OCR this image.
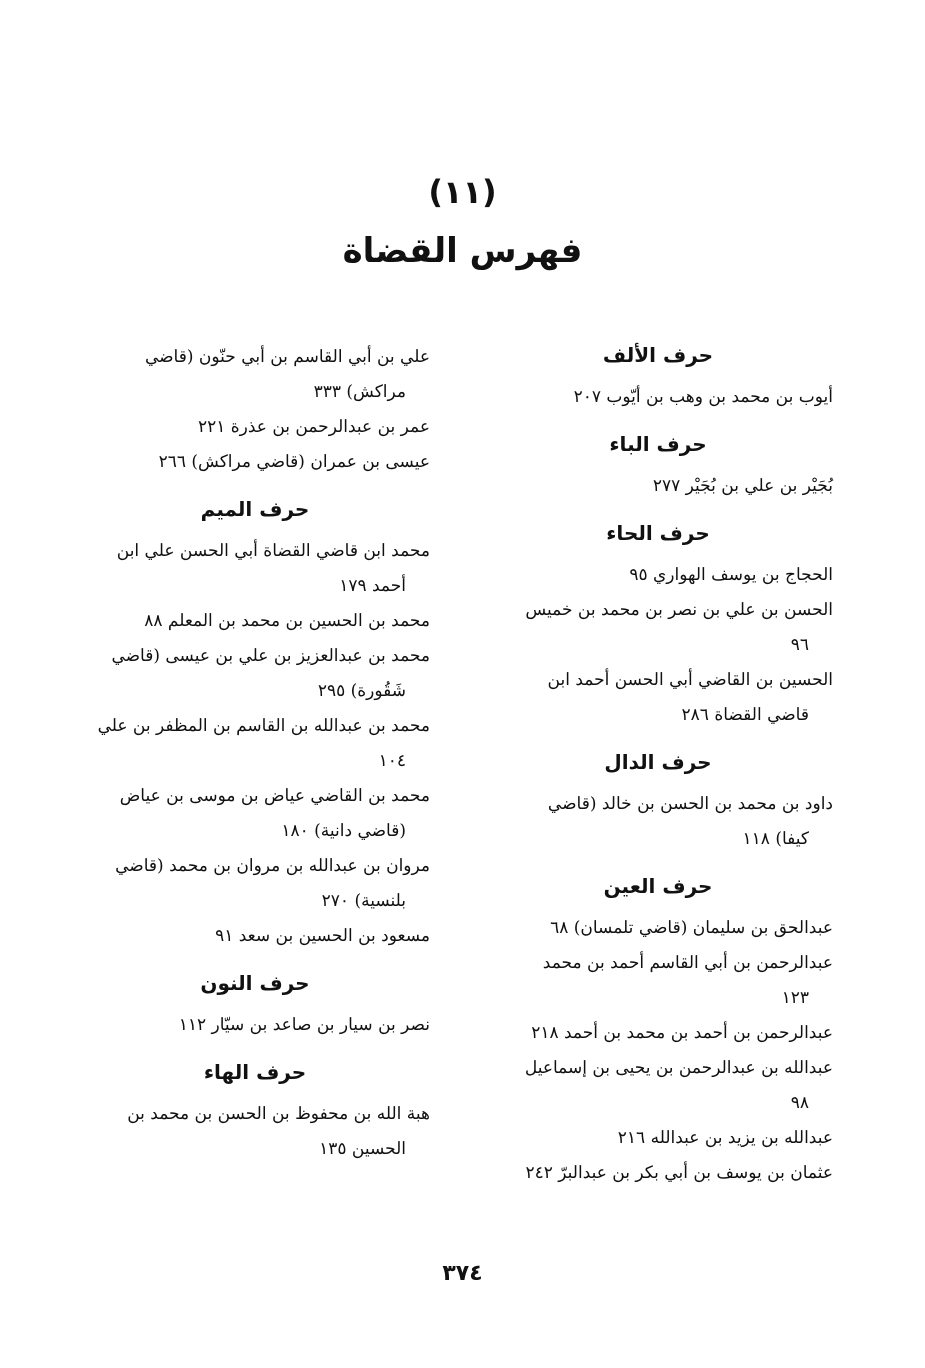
(١١)
فهرس القضاة
حرف الألف
أيوب بن محمد بن وهب بن أيّوب ٢٠٧
حرف الباء
بُجَيْر بن علي بن بُجَيْر ٢٧٧
حرف الحاء
الحجاج بن يوسف الهواري ٩٥
الحسن بن علي بن نصر بن محمد بن خميس
٩٦
الحسين بن القاضي أبي الحسن أحمد ابن
قاضي القضاة ٢٨٦
حرف الدال
داود بن محمد بن الحسن بن خالد (قاضي
كيفا) ١١٨
حرف العين
عبدالحق بن سليمان (قاضي تلمسان) ٦٨
عبدالرحمن بن أبي القاسم أحمد بن محمد
١٢٣
عبدالرحمن بن أحمد بن محمد بن أحمد ٢١٨
عبدالله بن عبدالرحمن بن يحيى بن إسماعيل
٩٨
عبدالله بن يزيد بن عبدالله ٢١٦
عثمان بن يوسف بن أبي بكر بن عبدالبرّ ٢٤٢
علي بن أبي القاسم بن أبي حنّون (قاضي
مراكش) ٣٣٣
عمر بن عبدالرحمن بن عذرة ٢٢١
عيسى بن عمران (قاضي مراكش) ٢٦٦
حرف الميم
محمد ابن قاضي القضاة أبي الحسن علي ابن
أحمد ١٧٩
محمد بن الحسين بن محمد بن المعلم ٨٨
محمد بن عبدالعزيز بن علي بن عيسى (قاضي
شَقُورة) ٢٩٥
محمد بن عبدالله بن القاسم بن المظفر بن علي
١٠٤
محمد بن القاضي عياض بن موسى بن عياض
(قاضي دانية) ١٨٠
مروان بن عبدالله بن مروان بن محمد (قاضي
بلنسية) ٢٧٠
مسعود بن الحسين بن سعد ٩١
حرف النون
نصر بن سيار بن صاعد بن سيّار ١١٢
حرف الهاء
هبة الله بن محفوظ بن الحسن بن محمد بن
الحسين ١٣٥
٣٧٤
